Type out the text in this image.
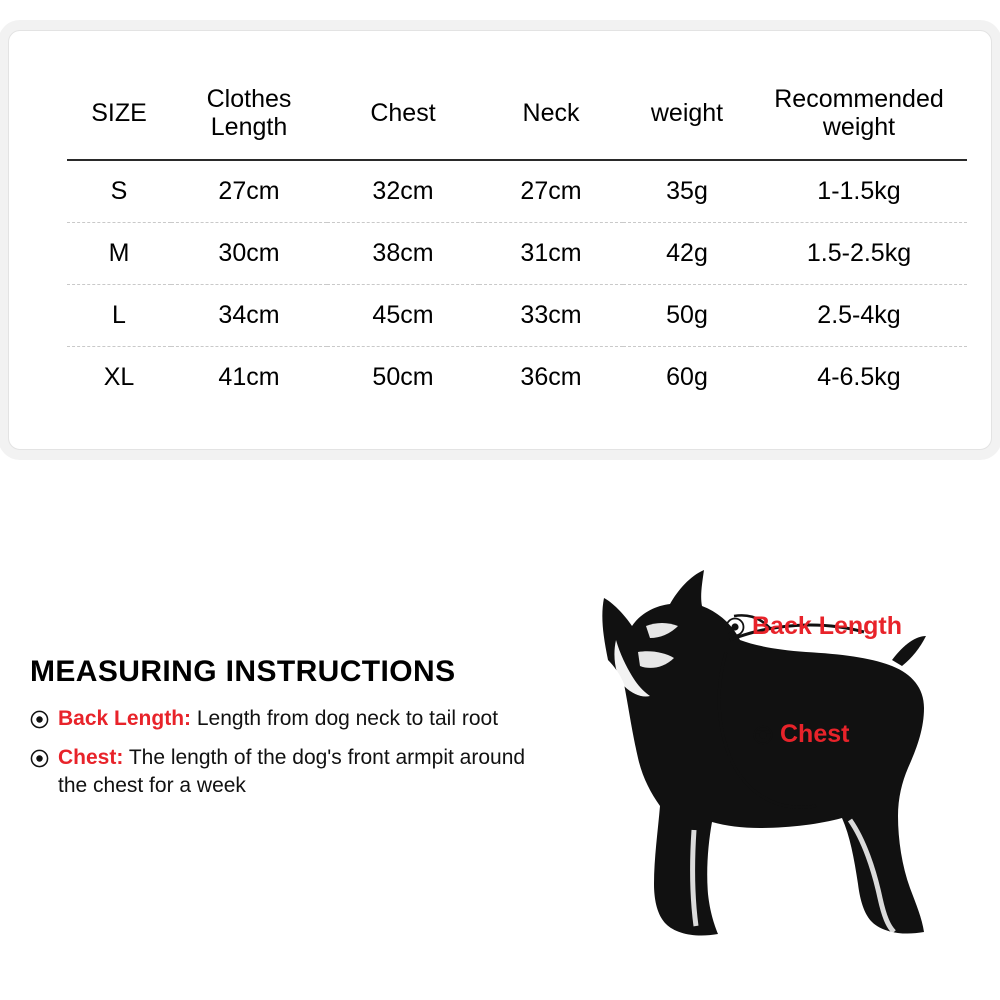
SIZE	Clothes Length	Chest	Neck	weight	Recommended weight
S	27cm	32cm	27cm	35g	1-1.5kg
M	30cm	38cm	31cm	42g	1.5-2.5kg
L	34cm	45cm	33cm	50g	2.5-4kg
XL	41cm	50cm	36cm	60g	4-6.5kg
MEASURING INSTRUCTIONS
Back Length: Length from dog neck to tail root
Chest: The length of the dog's front armpit around the chest for a week
Back Length
Chest
